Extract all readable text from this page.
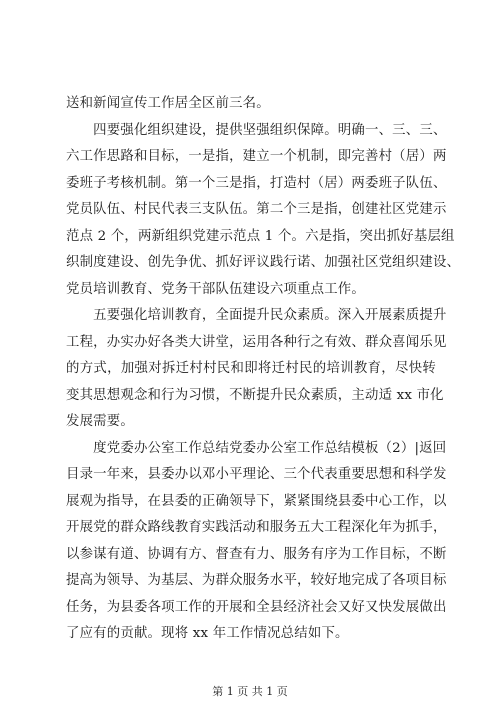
送和新闻宣传工作居全区前三名。
　　四要强化组织建设，提供坚强组织保障。明确一、三、三、
六工作思路和目标，一是指，建立一个机制，即完善村（居）两
委班子考核机制。第一个三是指，打造村（居）两委班子队伍、
党员队伍、村民代表三支队伍。第二个三是指，创建社区党建示
范点 2 个，两新组织党建示范点 1 个。六是指，突出抓好基层组
织制度建设、创先争优、抓好评议践行诺、加强社区党组织建设、
党员培训教育、党务干部队伍建设六项重点工作。
　　五要强化培训教育，全面提升民众素质。深入开展素质提升
工程，办实办好各类大讲堂，运用各种行之有效、群众喜闻乐见
的方式，加强对拆迁村村民和即将迁村民的培训教育，尽快转
变其思想观念和行为习惯，不断提升民众素质，主动适 xx 市化
发展需要。
　　度党委办公室工作总结党委办公室工作总结模板（2）|返回
目录一年来，县委办以邓小平理论、三个代表重要思想和科学发
展观为指导，在县委的正确领导下，紧紧围绕县委中心工作，以
开展党的群众路线教育实践活动和服务五大工程深化年为抓手，
以参谋有道、协调有方、督查有力、服务有序为工作目标，不断
提高为领导、为基层、为群众服务水平，较好地完成了各项目标
任务，为县委各项工作的开展和全县经济社会又好又快发展做出
了应有的贡献。现将 xx 年工作情况总结如下。
第 1 页 共 1 页
